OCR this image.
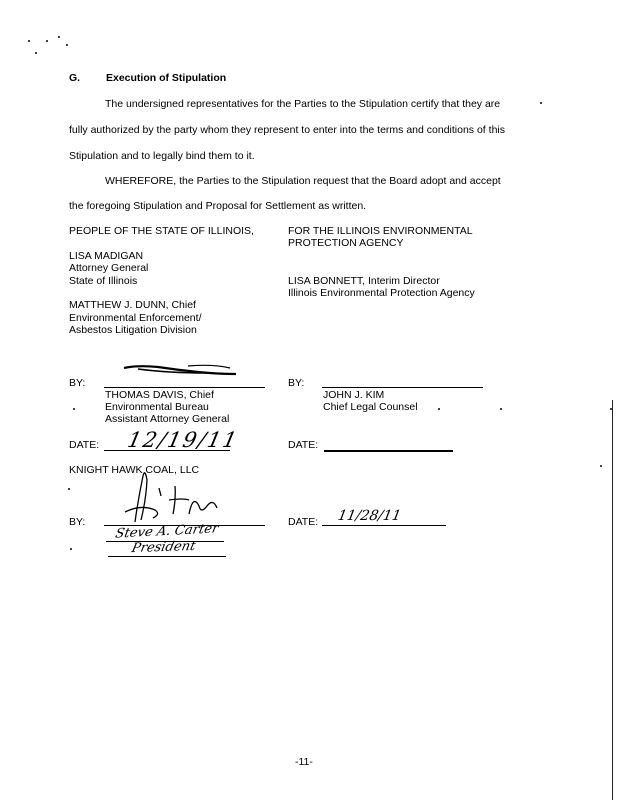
G. Execution of Stipulation
The undersigned representatives for the Parties to the Stipulation certify that they are
fully authorized by the party whom they represent to enter into the terms and conditions of this
Stipulation and to legally bind them to it.
WHEREFORE, the Parties to the Stipulation request that the Board adopt and accept
the foregoing Stipulation and Proposal for Settlement as written.
PEOPLE OF THE STATE OF ILLINOIS,
LISA MADIGAN
Attorney General
State of Illinois
MATTHEW J. DUNN, Chief
Environmental Enforcement/
Asbestos Litigation Division
FOR THE ILLINOIS ENVIRONMENTAL
PROTECTION AGENCY
LISA BONNETT, Interim Director
Illinois Environmental Protection Agency
BY:
THOMAS DAVIS, Chief
Environmental Bureau
Assistant Attorney General
BY:
JOHN J. KIM
Chief Legal Counsel
DATE: 12/19/11	DATE:
KNIGHT HAWK COAL, LLC
BY: Steve A. Carter
President
DATE: 11/28/11
-11-
